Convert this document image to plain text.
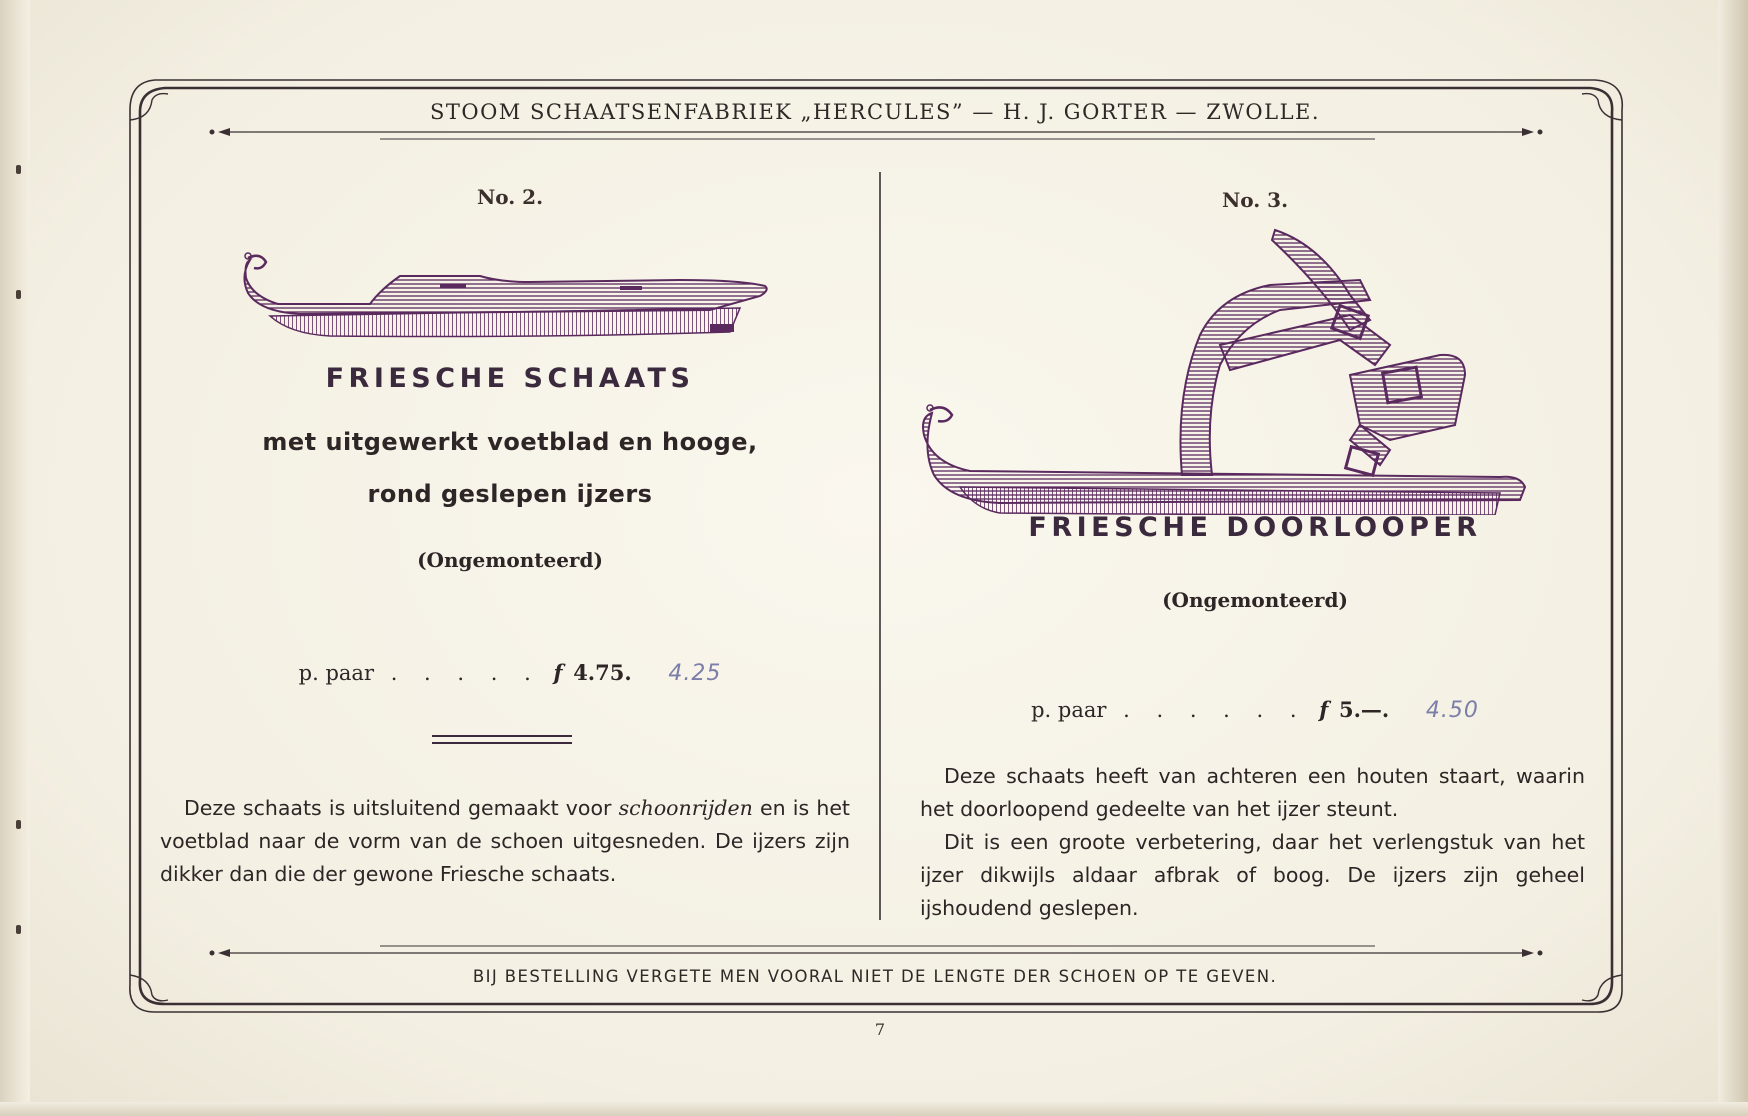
STOOM SCHAATSENFABRIEK „HERCULES” — H. J. GORTER — ZWOLLE.
No. 2.
FRIESCHE SCHAATS
met uitgewerkt voetblad en hooge,
rond geslepen ijzers
(Ongemonteerd)
p. paar . . . . . f 4.75. 4.25

Deze schaats is uitsluitend gemaakt voor schoonrijden en is het voetblad naar de vorm van de schoen uitgesneden. De ijzers zijn dikker dan die der gewone Friesche schaats.

No. 3.
FRIESCHE DOORLOOPER
(Ongemonteerd)
p. paar . . . . . . f 5.—. 4.50

Deze schaats heeft van achteren een houten staart, waarin het doorloopend gedeelte van het ijzer steunt.

Dit is een groote verbetering, daar het verlengstuk van het ijzer dikwijls aldaar afbrak of boog. De ijzers zijn geheel ijshoudend geslepen.

BIJ BESTELLING VERGETE MEN VOORAL NIET DE LENGTE DER SCHOEN OP TE GEVEN.
7
